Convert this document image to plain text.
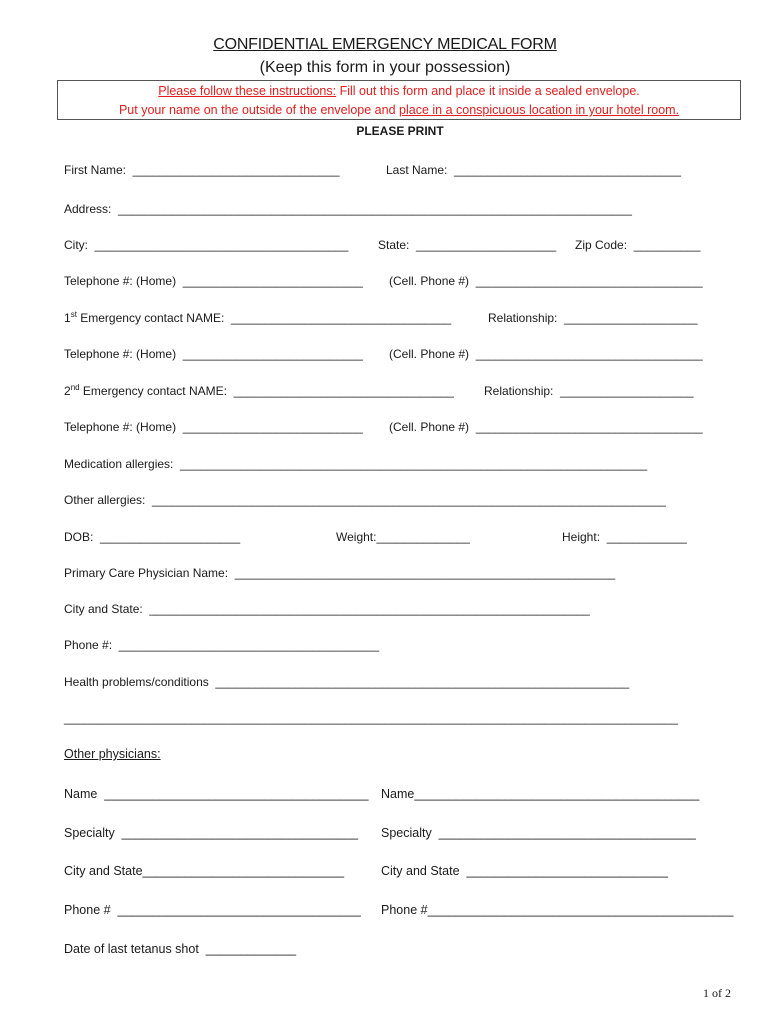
CONFIDENTIAL EMERGENCY MEDICAL FORM
(Keep this form in your possession)
Please follow these instructions: Fill out this form and place it inside a sealed envelope.
Put your name on the outside of the envelope and place in a conspicuous location in your hotel room.
PLEASE PRINT
First Name:  _______________________________	Last Name:  __________________________________
Address:  _____________________________________________________________________________
City:  ______________________________________ State:  _____________________ Zip Code:  __________
Telephone #: (Home)  ___________________________ (Cell. Phone #)  __________________________________
1st Emergency contact NAME:  _________________________________	Relationship:  ____________________
Telephone #: (Home)  ___________________________ (Cell. Phone #)  __________________________________
2nd Emergency contact NAME:  _________________________________	Relationship:  ____________________
Telephone #: (Home)  ___________________________ (Cell. Phone #)  __________________________________
Medication allergies:  ______________________________________________________________________
Other allergies:  _____________________________________________________________________________
DOB:  _____________________	Weight:______________	Height:  ____________
Primary Care Physician Name:  _________________________________________________________
City and State:  __________________________________________________________________
Phone #:  _______________________________________
Health problems/conditions  ______________________________________________________________
____________________________________________________________________________________________
Other physicians:
Name  ______________________________________ Name_________________________________________
Specialty  __________________________________ Specialty  _____________________________________
City and State_____________________________	City and State  _____________________________
Phone #  ___________________________________ Phone #____________________________________________
Date of last tetanus shot  _____________
1 of 2
